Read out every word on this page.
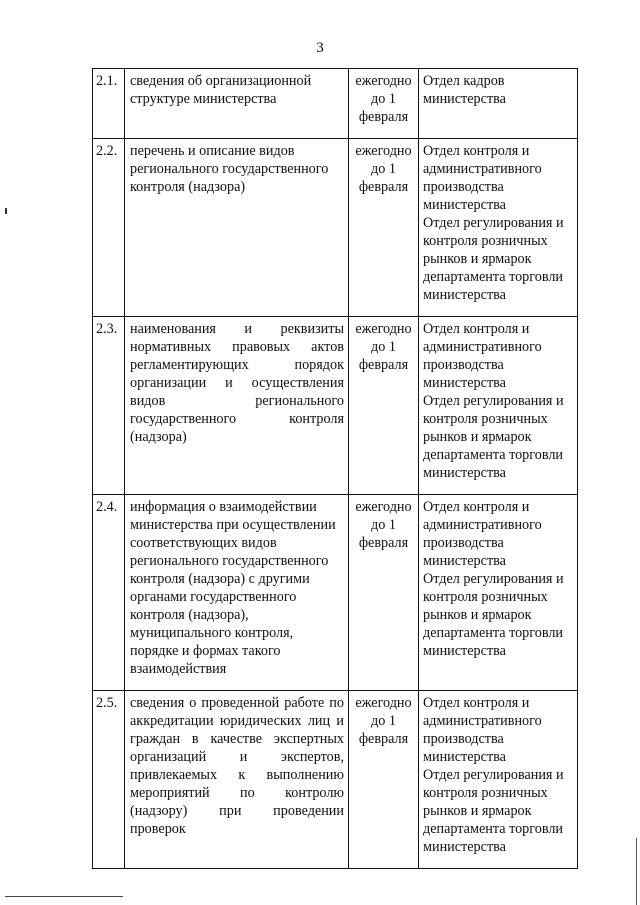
3
2.1.	сведения об организационной структуре министерства	ежегодно до 1 февраля	Отдел кадров министерства

2.2.	перечень и описание видов регионального государственного контроля (надзора)	ежегодно до 1 февраля	Отдел контроля и административного производства министерства
Отдел регулирования и контроля розничных рынков и ярмарок департамента торговли министерства

2.3.	наименования и реквизиты нормативных правовых актов регламентирующих порядок организации и осуществления видов регионального государственного контроля (надзора)	ежегодно до 1 февраля	Отдел контроля и административного производства министерства
Отдел регулирования и контроля розничных рынков и ярмарок департамента торговли министерства

2.4.	информация о взаимодействии министерства при осуществлении соответствующих видов регионального государственного контроля (надзора) с другими органами государственного контроля (надзора), муниципального контроля, порядке и формах такого взаимодействия	ежегодно до 1 февраля	Отдел контроля и административного производства министерства
Отдел регулирования и контроля розничных рынков и ярмарок департамента торговли министерства

2.5.	сведения о проведенной работе по аккредитации юридических лиц и граждан в качестве экспертных организаций и экспертов, привлекаемых к выполнению мероприятий по контролю (надзору) при проведении проверок	ежегодно до 1 февраля	Отдел контроля и административного производства министерства
Отдел регулирования и контроля розничных рынков и ярмарок департамента торговли министерства
